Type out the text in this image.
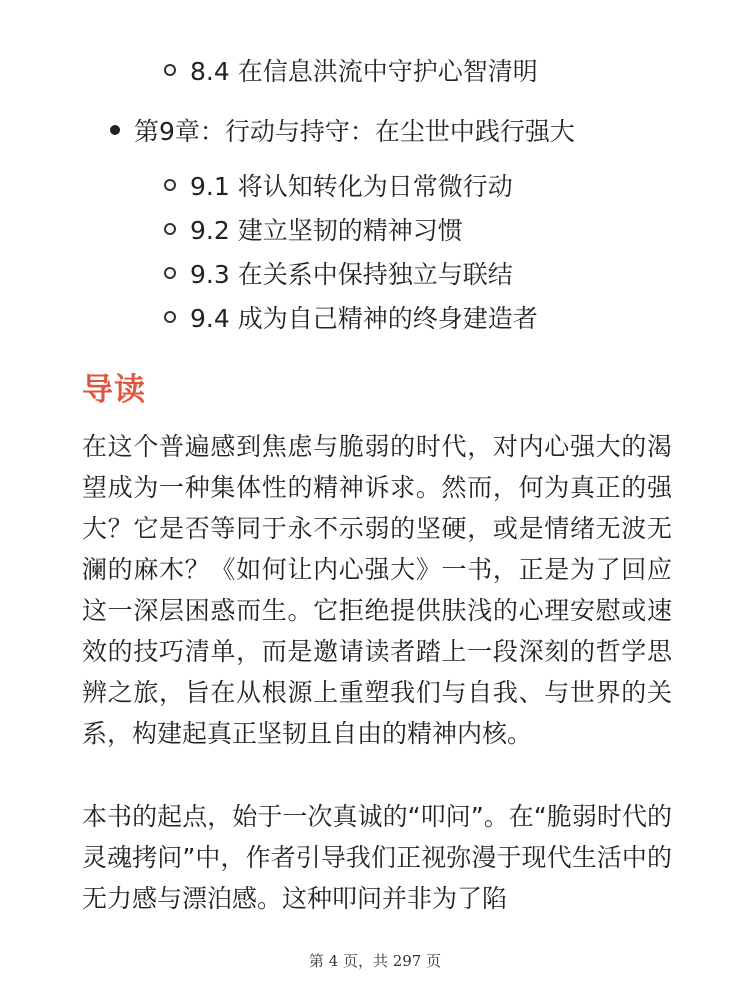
8.4 在信息洪流中守护心智清明
第9章：行动与持守：在尘世中践行强大
9.1 将认知转化为日常微行动
9.2 建立坚韧的精神习惯
9.3 在关系中保持独立与联结
9.4 成为自己精神的终身建造者
导读
在这个普遍感到焦虑与脆弱的时代，对内心强大的渴望成为一种集体性的精神诉求。然而，何为真正的强大？它是否等同于永不示弱的坚硬，或是情绪无波无澜的麻木？《如何让内心强大》一书，正是为了回应这一深层困惑而生。它拒绝提供肤浅的心理安慰或速效的技巧清单，而是邀请读者踏上一段深刻的哲学思辨之旅，旨在从根源上重塑我们与自我、与世界的关系，构建起真正坚韧且自由的精神内核。
本书的起点，始于一次真诚的“叩问”。在“脆弱时代的灵魂拷问”中，作者引导我们正视弥漫于现代生活中的无力感与漂泊感。这种叩问并非为了陷
第 4 页，共 297 页
